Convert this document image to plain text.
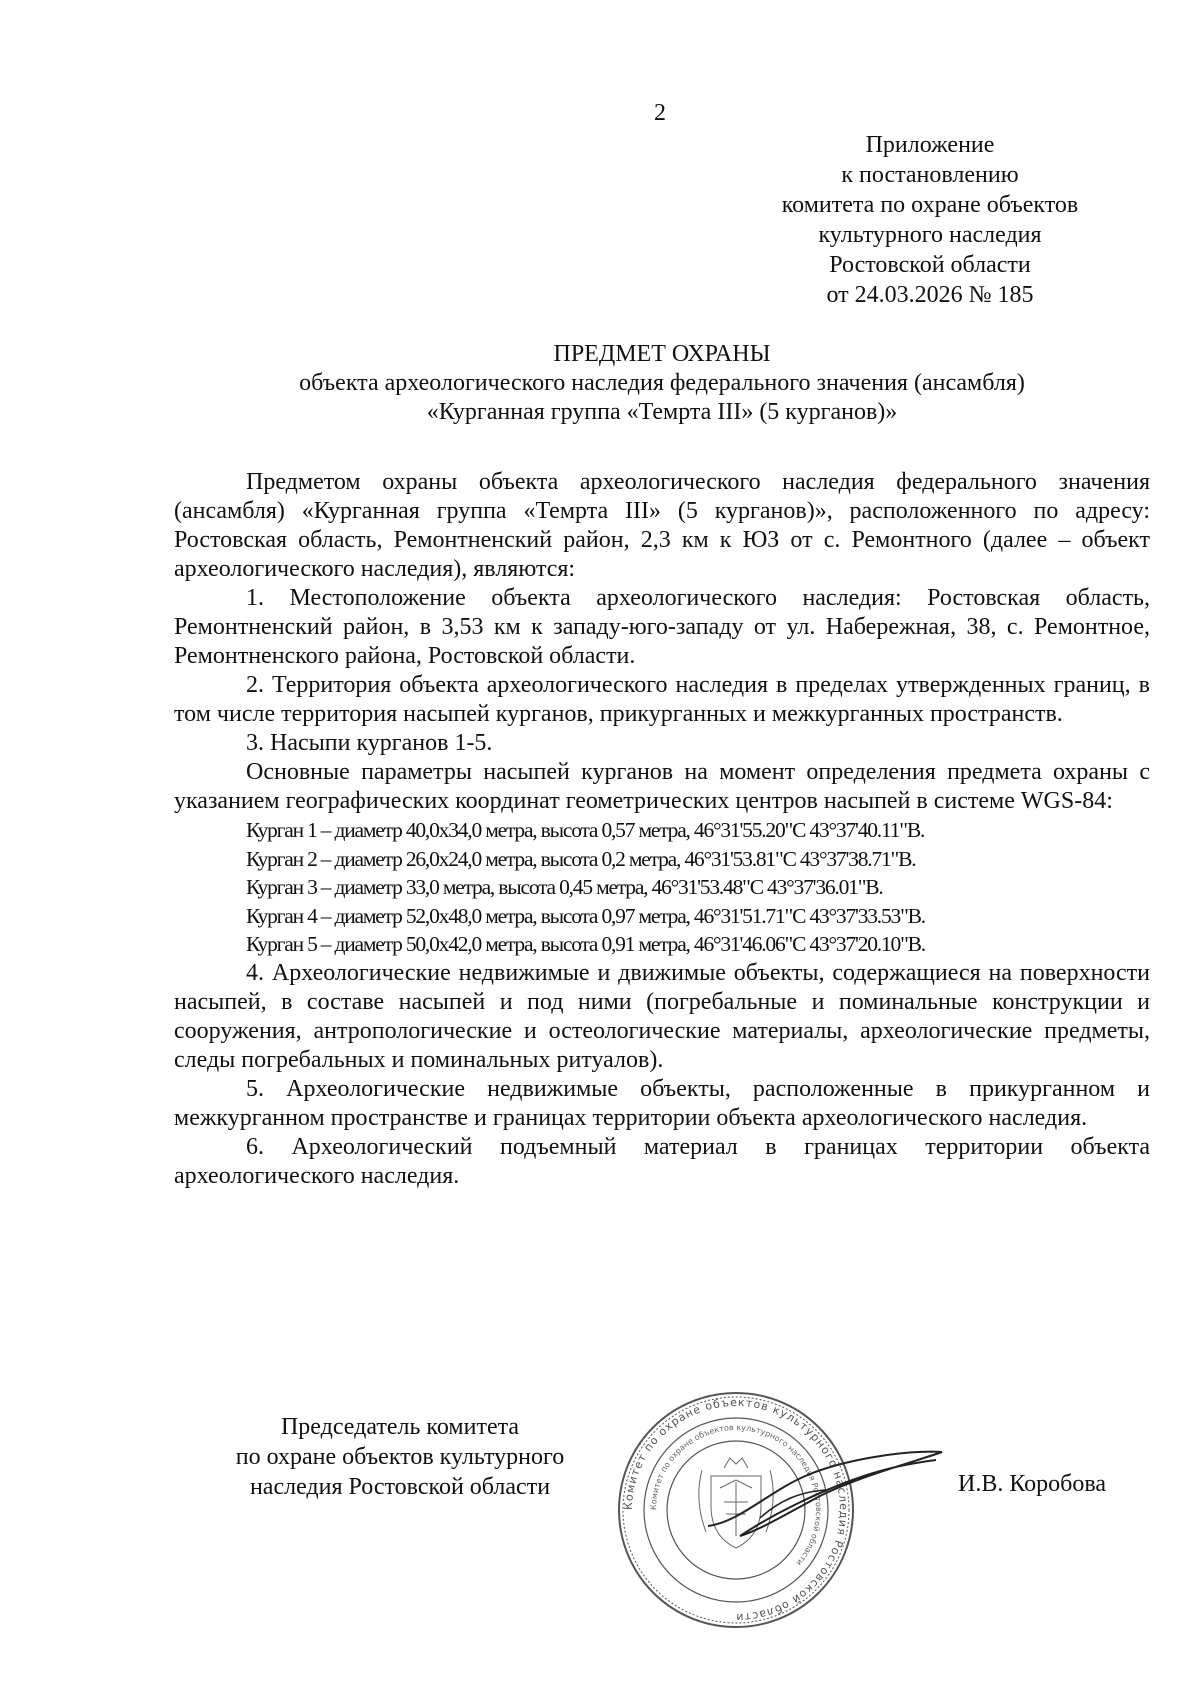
2
Приложение
к постановлению
комитета по охране объектов
культурного наследия
Ростовской области
от 24.03.2026 № 185
ПРЕДМЕТ ОХРАНЫ
объекта археологического наследия федерального значения (ансамбля)
«Курганная группа «Темрта III» (5 курганов)»

Предметом охраны объекта археологического наследия федерального значения (ансамбля) «Курганная группа «Темрта III» (5 курганов)», расположенного по адресу: Ростовская область, Ремонтненский район, 2,3 км к ЮЗ от с. Ремонтного (далее – объект археологического наследия), являются:

1. Местоположение объекта археологического наследия: Ростовская область, Ремонтненский район, в 3,53 км к западу-юго-западу от ул. Набережная, 38, с. Ремонтное, Ремонтненского района, Ростовской области.

2. Территория объекта археологического наследия в пределах утвержденных границ, в том числе территория насыпей курганов, прикурганных и межкурганных пространств.

3. Насыпи курганов 1-5.

Основные параметры насыпей курганов на момент определения предмета охраны с указанием географических координат геометрических центров насыпей в системе WGS-84:

Курган 1 – диаметр 40,0х34,0 метра, высота 0,57 метра, 46°31'55.20"С 43°37'40.11"В.
Курган 2 – диаметр 26,0х24,0 метра, высота 0,2 метра, 46°31'53.81"С 43°37'38.71"В.
Курган 3 – диаметр 33,0 метра, высота 0,45 метра, 46°31'53.48"С 43°37'36.01"В.
Курган 4 – диаметр 52,0х48,0 метра, высота 0,97 метра, 46°31'51.71"С 43°37'33.53"В.
Курган 5 – диаметр 50,0х42,0 метра, высота 0,91 метра, 46°31'46.06"С 43°37'20.10"В.

4. Археологические недвижимые и движимые объекты, содержащиеся на поверхности насыпей, в составе насыпей и под ними (погребальные и поминальные конструкции и сооружения, антропологические и остеологические материалы, археологические предметы, следы погребальных и поминальных ритуалов).

5. Археологические недвижимые объекты, расположенные в прикурганном и межкурганном пространстве и границах территории объекта археологического наследия.

6. Археологический подъемный материал в границах территории объекта археологического наследия.

Председатель комитета
по охране объектов культурного
наследия Ростовской области
Комитет по охране объектов культурного наследия Ростовской области
Комитет по охране объектов культурного наследия Ростовской области
И.В. Коробова
